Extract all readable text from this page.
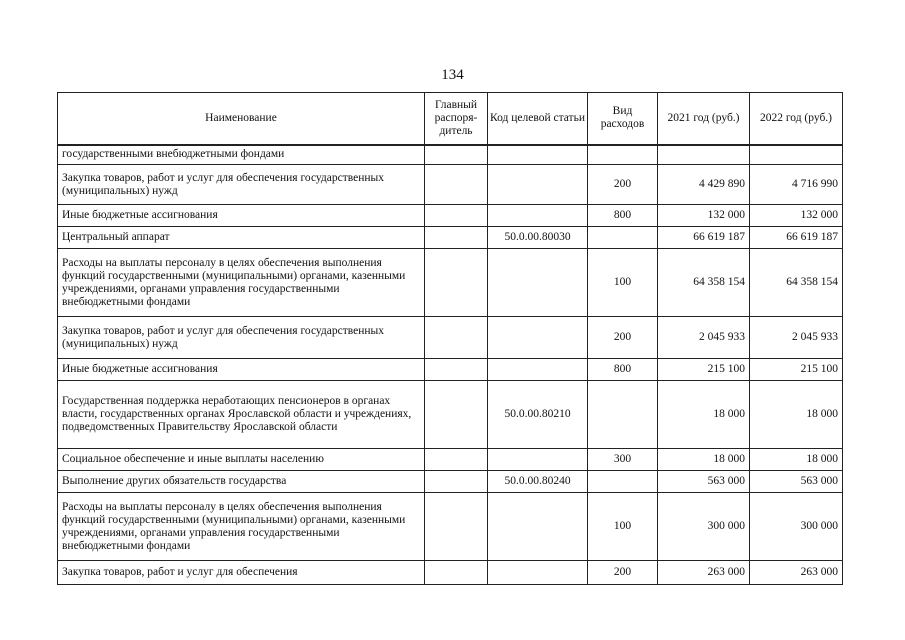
134
Наименование	Главный распоря-дитель	Код целевой статьи	Вид расходов	2021 год (руб.)	2022 год (руб.)
государственными внебюджетными фондами					
Закупка товаров, работ и услуг для обеспечения государственных (муниципальных) нужд			200	4 429 890	4 716 990
Иные бюджетные ассигнования			800	132 000	132 000
Центральный аппарат		50.0.00.80030		66 619 187	66 619 187
Расходы на выплаты персоналу в целях обеспечения выполнения функций государственными (муниципальными) органами, казенными учреждениями, органами управления государственными внебюджетными фондами			100	64 358 154	64 358 154
Закупка товаров, работ и услуг для обеспечения государственных (муниципальных) нужд			200	2 045 933	2 045 933
Иные бюджетные ассигнования			800	215 100	215 100
Государственная поддержка неработающих пенсионеров в органах власти, государственных органах Ярославской области и учреждениях, подведомственных Правительству Ярославской области		50.0.00.80210		18 000	18 000
Социальное обеспечение и иные выплаты населению			300	18 000	18 000
Выполнение других обязательств государства		50.0.00.80240		563 000	563 000
Расходы на выплаты персоналу в целях обеспечения выполнения функций государственными (муниципальными) органами, казенными учреждениями, органами управления государственными внебюджетными фондами			100	300 000	300 000
Закупка товаров, работ и услуг для обеспечения			200	263 000	263 000
